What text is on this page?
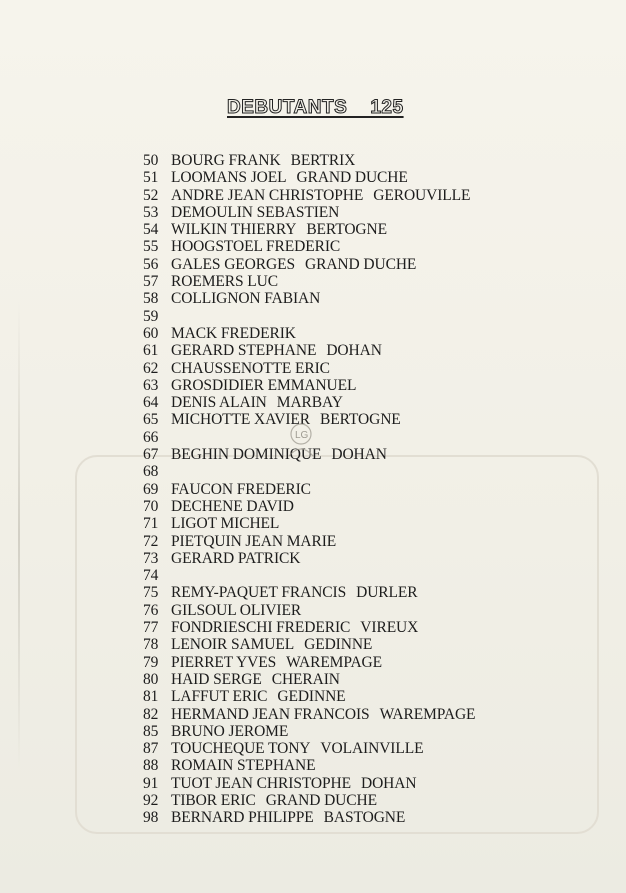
DEBUTANTS    125
50 BOURG FRANK BERTRIX
51 LOOMANS JOEL GRAND DUCHE
52 ANDRE JEAN CHRISTOPHE GEROUVILLE
53 DEMOULIN SEBASTIEN
54 WILKIN THIERRY BERTOGNE
55 HOOGSTOEL FREDERIC
56 GALES GEORGES GRAND DUCHE
57 ROEMERS LUC
58 COLLIGNON FABIAN
59
60 MACK FREDERIK
61 GERARD STEPHANE DOHAN
62 CHAUSSENOTTE ERIC
63 GROSDIDIER EMMANUEL
64 DENIS ALAIN MARBAY
65 MICHOTTE XAVIER BERTOGNE
66
67 BEGHIN DOMINIQUE DOHAN
68
69 FAUCON FREDERIC
70 DECHENE DAVID
71 LIGOT MICHEL
72 PIETQUIN JEAN MARIE
73 GERARD PATRICK
74
75 REMY-PAQUET FRANCIS DURLER
76 GILSOUL OLIVIER
77 FONDRIESCHI FREDERIC VIREUX
78 LENOIR SAMUEL GEDINNE
79 PIERRET YVES WAREMPAGE
80 HAID SERGE CHERAIN
81 LAFFUT ERIC GEDINNE
82 HERMAND JEAN FRANCOIS WAREMPAGE
85 BRUNO JEROME
87 TOUCHEQUE TONY VOLAINVILLE
88 ROMAIN STEPHANE
91 TUOT JEAN CHRISTOPHE DOHAN
92 TIBOR ERIC GRAND DUCHE
98 BERNARD PHILIPPE BASTOGNE
LG
